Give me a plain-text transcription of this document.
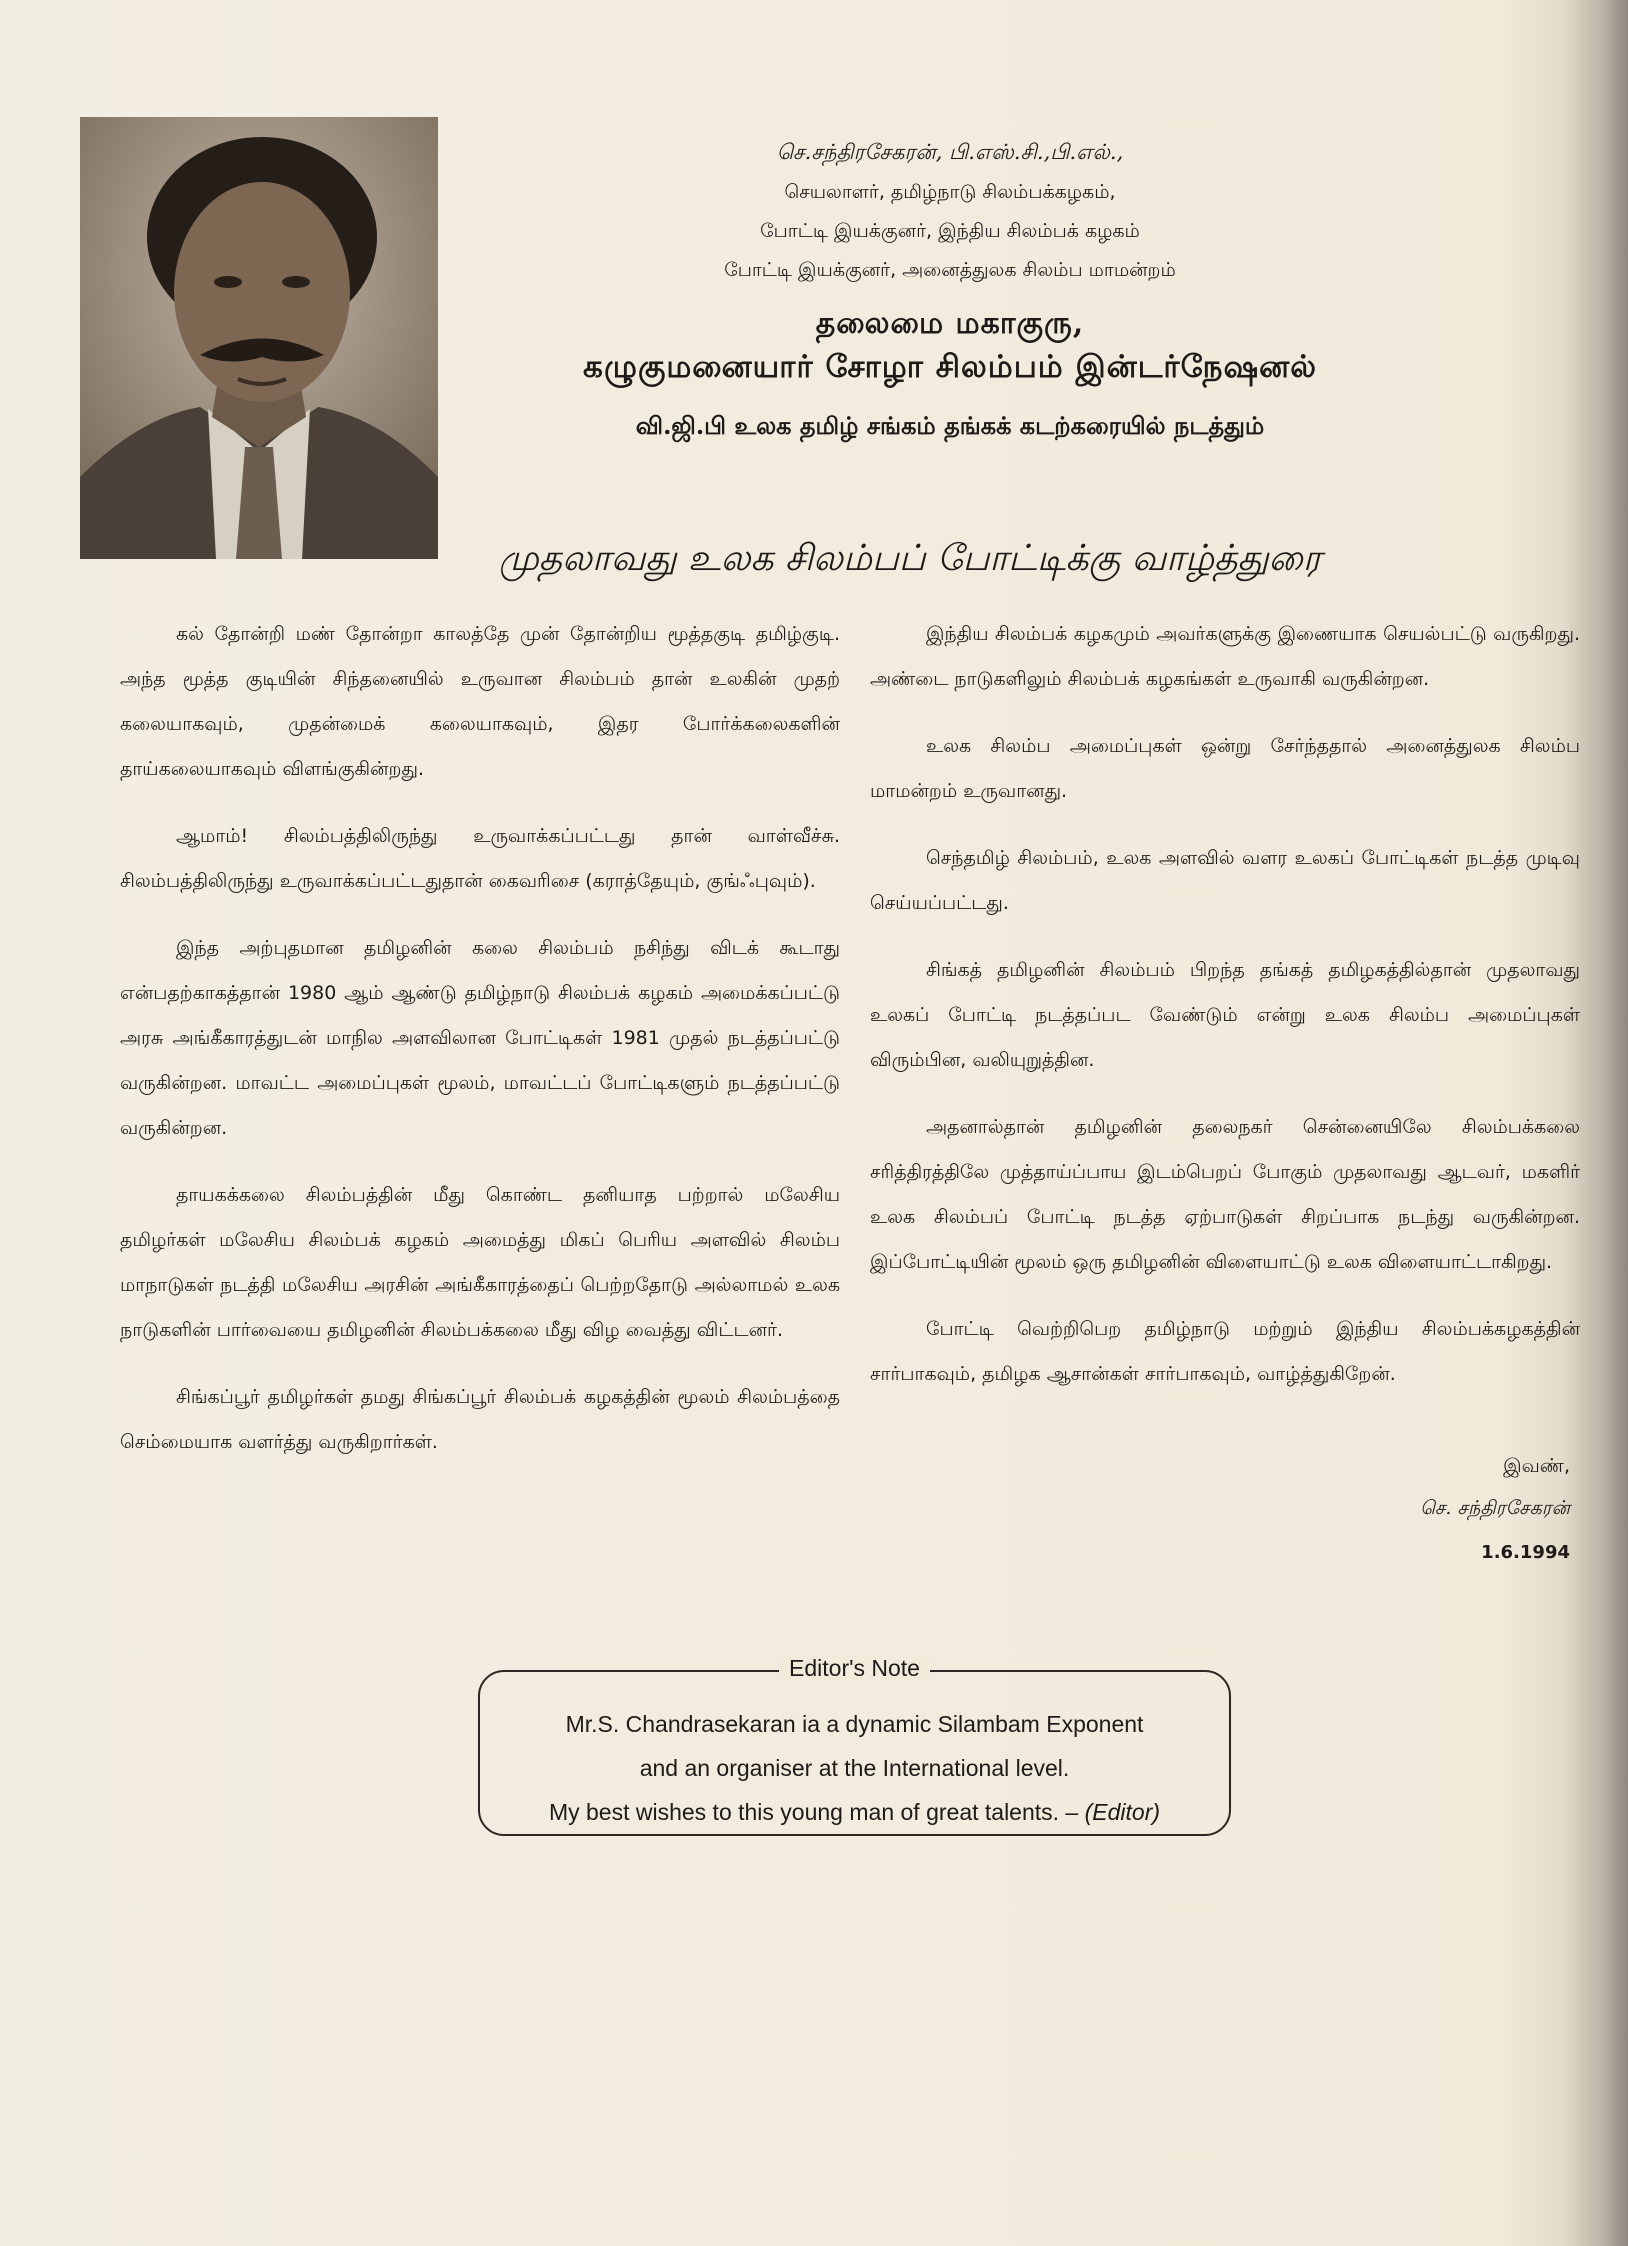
செ.சந்திரசேகரன், பி.எஸ்.சி.,பி.எல்.,
செயலாளர், தமிழ்நாடு சிலம்பக்கழகம்,
போட்டி இயக்குனர், இந்திய சிலம்பக் கழகம்
போட்டி இயக்குனர், அனைத்துலக சிலம்ப மாமன்றம்
தலைமை மகாகுரு,
கழுகுமனையார் சோழா சிலம்பம் இன்டர்நேஷனல்
வி.ஜி.பி உலக தமிழ் சங்கம் தங்கக் கடற்கரையில் நடத்தும்
முதலாவது உலக சிலம்பப் போட்டிக்கு வாழ்த்துரை

கல் தோன்றி மண் தோன்றா காலத்தே முன் தோன்றிய மூத்தகுடி தமிழ்குடி. அந்த மூத்த குடியின் சிந்தனையில் உருவான சிலம்பம் தான் உலகின் முதற் கலையாகவும், முதன்மைக் கலையாகவும், இதர போர்க்கலைகளின் தாய்கலையாகவும் விளங்குகின்றது.

ஆமாம்! சிலம்பத்திலிருந்து உருவாக்கப்பட்டது தான் வாள்வீச்சு. சிலம்பத்திலிருந்து உருவாக்கப்பட்டதுதான் கைவரிசை (கராத்தேயும், குங்ஃபுவும்).

இந்த அற்புதமான தமிழனின் கலை சிலம்பம் நசிந்து விடக் கூடாது என்பதற்காகத்தான் 1980 ஆம் ஆண்டு தமிழ்நாடு சிலம்பக் கழகம் அமைக்கப்பட்டு அரசு அங்கீகாரத்துடன் மாநில அளவிலான போட்டிகள் 1981 முதல் நடத்தப்பட்டு வருகின்றன. மாவட்ட அமைப்புகள் மூலம், மாவட்டப் போட்டிகளும் நடத்தப்பட்டு வருகின்றன.

தாயகக்கலை சிலம்பத்தின் மீது கொண்ட தனியாத பற்றால் மலேசிய தமிழர்கள் மலேசிய சிலம்பக் கழகம் அமைத்து மிகப் பெரிய அளவில் சிலம்ப மாநாடுகள் நடத்தி மலேசிய அரசின் அங்கீகாரத்தைப் பெற்றதோடு அல்லாமல் உலக நாடுகளின் பார்வையை தமிழனின் சிலம்பக்கலை மீது விழ வைத்து விட்டனர்.

சிங்கப்பூர் தமிழர்கள் தமது சிங்கப்பூர் சிலம்பக் கழகத்தின் மூலம் சிலம்பத்தை செம்மையாக வளர்த்து வருகிறார்கள்.

இந்திய சிலம்பக் கழகமும் அவர்களுக்கு இணையாக செயல்பட்டு வருகிறது. அண்டை நாடுகளிலும் சிலம்பக் கழகங்கள் உருவாகி வருகின்றன.

உலக சிலம்ப அமைப்புகள் ஒன்று சேர்ந்ததால் அனைத்துலக சிலம்ப மாமன்றம் உருவானது.

செந்தமிழ் சிலம்பம், உலக அளவில் வளர உலகப் போட்டிகள் நடத்த முடிவு செய்யப்பட்டது.

சிங்கத் தமிழனின் சிலம்பம் பிறந்த தங்கத் தமிழகத்தில்தான் முதலாவது உலகப் போட்டி நடத்தப்பட வேண்டும் என்று உலக சிலம்ப அமைப்புகள் விரும்பின, வலியுறுத்தின.

அதனால்தான் தமிழனின் தலைநகர் சென்னையிலே சிலம்பக்கலை சரித்திரத்திலே முத்தாய்ப்பாய இடம்பெறப் போகும் முதலாவது ஆடவர், மகளிர் உலக சிலம்பப் போட்டி நடத்த ஏற்பாடுகள் சிறப்பாக நடந்து வருகின்றன. இப்போட்டியின் மூலம் ஒரு தமிழனின் விளையாட்டு உலக விளையாட்டாகிறது.

போட்டி வெற்றிபெற தமிழ்நாடு மற்றும் இந்திய சிலம்பக்கழகத்தின் சார்பாகவும், தமிழக ஆசான்கள் சார்பாகவும், வாழ்த்துகிறேன்.

இவண்,
செ. சந்திரசேகரன்
1.6.1994
Editor's Note
Mr.S. Chandrasekaran ia a dynamic Silambam Exponent
and an organiser at the International level.
My best wishes to this young man of great talents. – (Editor)
